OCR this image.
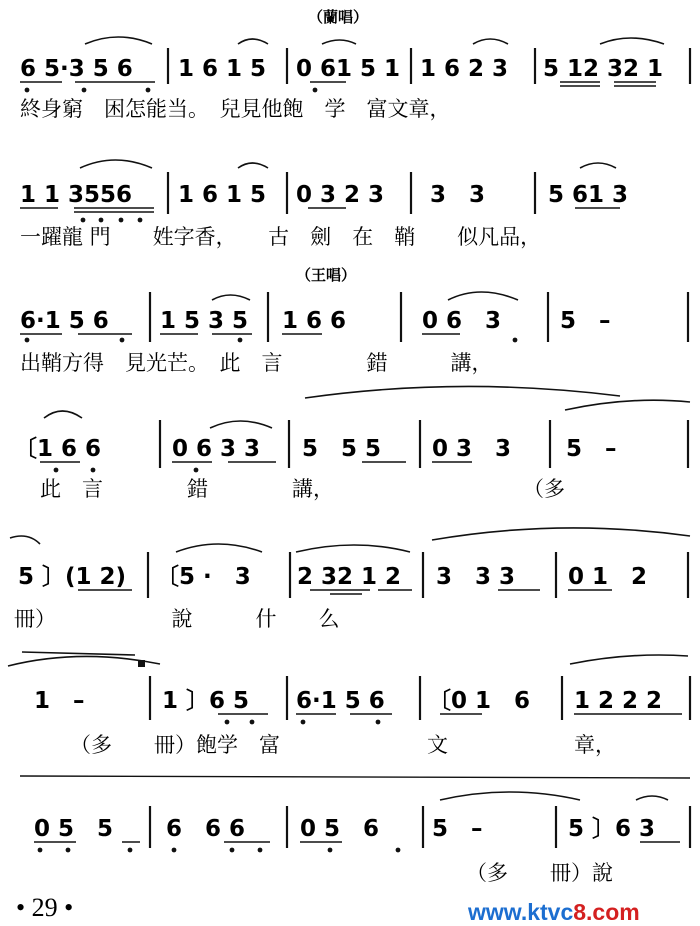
（蘭唱）
6 5·3 5 6 1 6 1 5 0 61 5 1 1 6 2 3 5 12 32 1
終身窮　困怎能当。　兒見他飽　学　富文章，
1 1 3556 1 6 1 5 0 3 2 3 3　3	5 61 3
一躍龍 門　　姓字香，　　古　劍　在　鞘　　似凡品，
（王唱）
6·1 5 6 1 5 3 5 1 6 6	0 6　3	5　–
出鞘方得　見光芒。　此　言　　　　錯　　　講，
〔1 6 6	0 6 3 3 5　5 5 0 3　3 5　–
此　言　　　　錯　　　　講，　　　　　　　　　　（多
5 〕(1 2) 〔5 ·　3 2 32 1 2 3　3 3 0 1　2
冊）　　　　　　說　　　什　　么
1　–	1 〕6 5 6·1 5 6 〔0 1　6 1 2 2 2
（多　　冊）飽学　富　　　　　　　文　　　　　　章，
0 5　5 6　6 6 0 5　6 5　–	5 〕6 3
（多　　冊）說
• 29 •	www.ktvc8.com
